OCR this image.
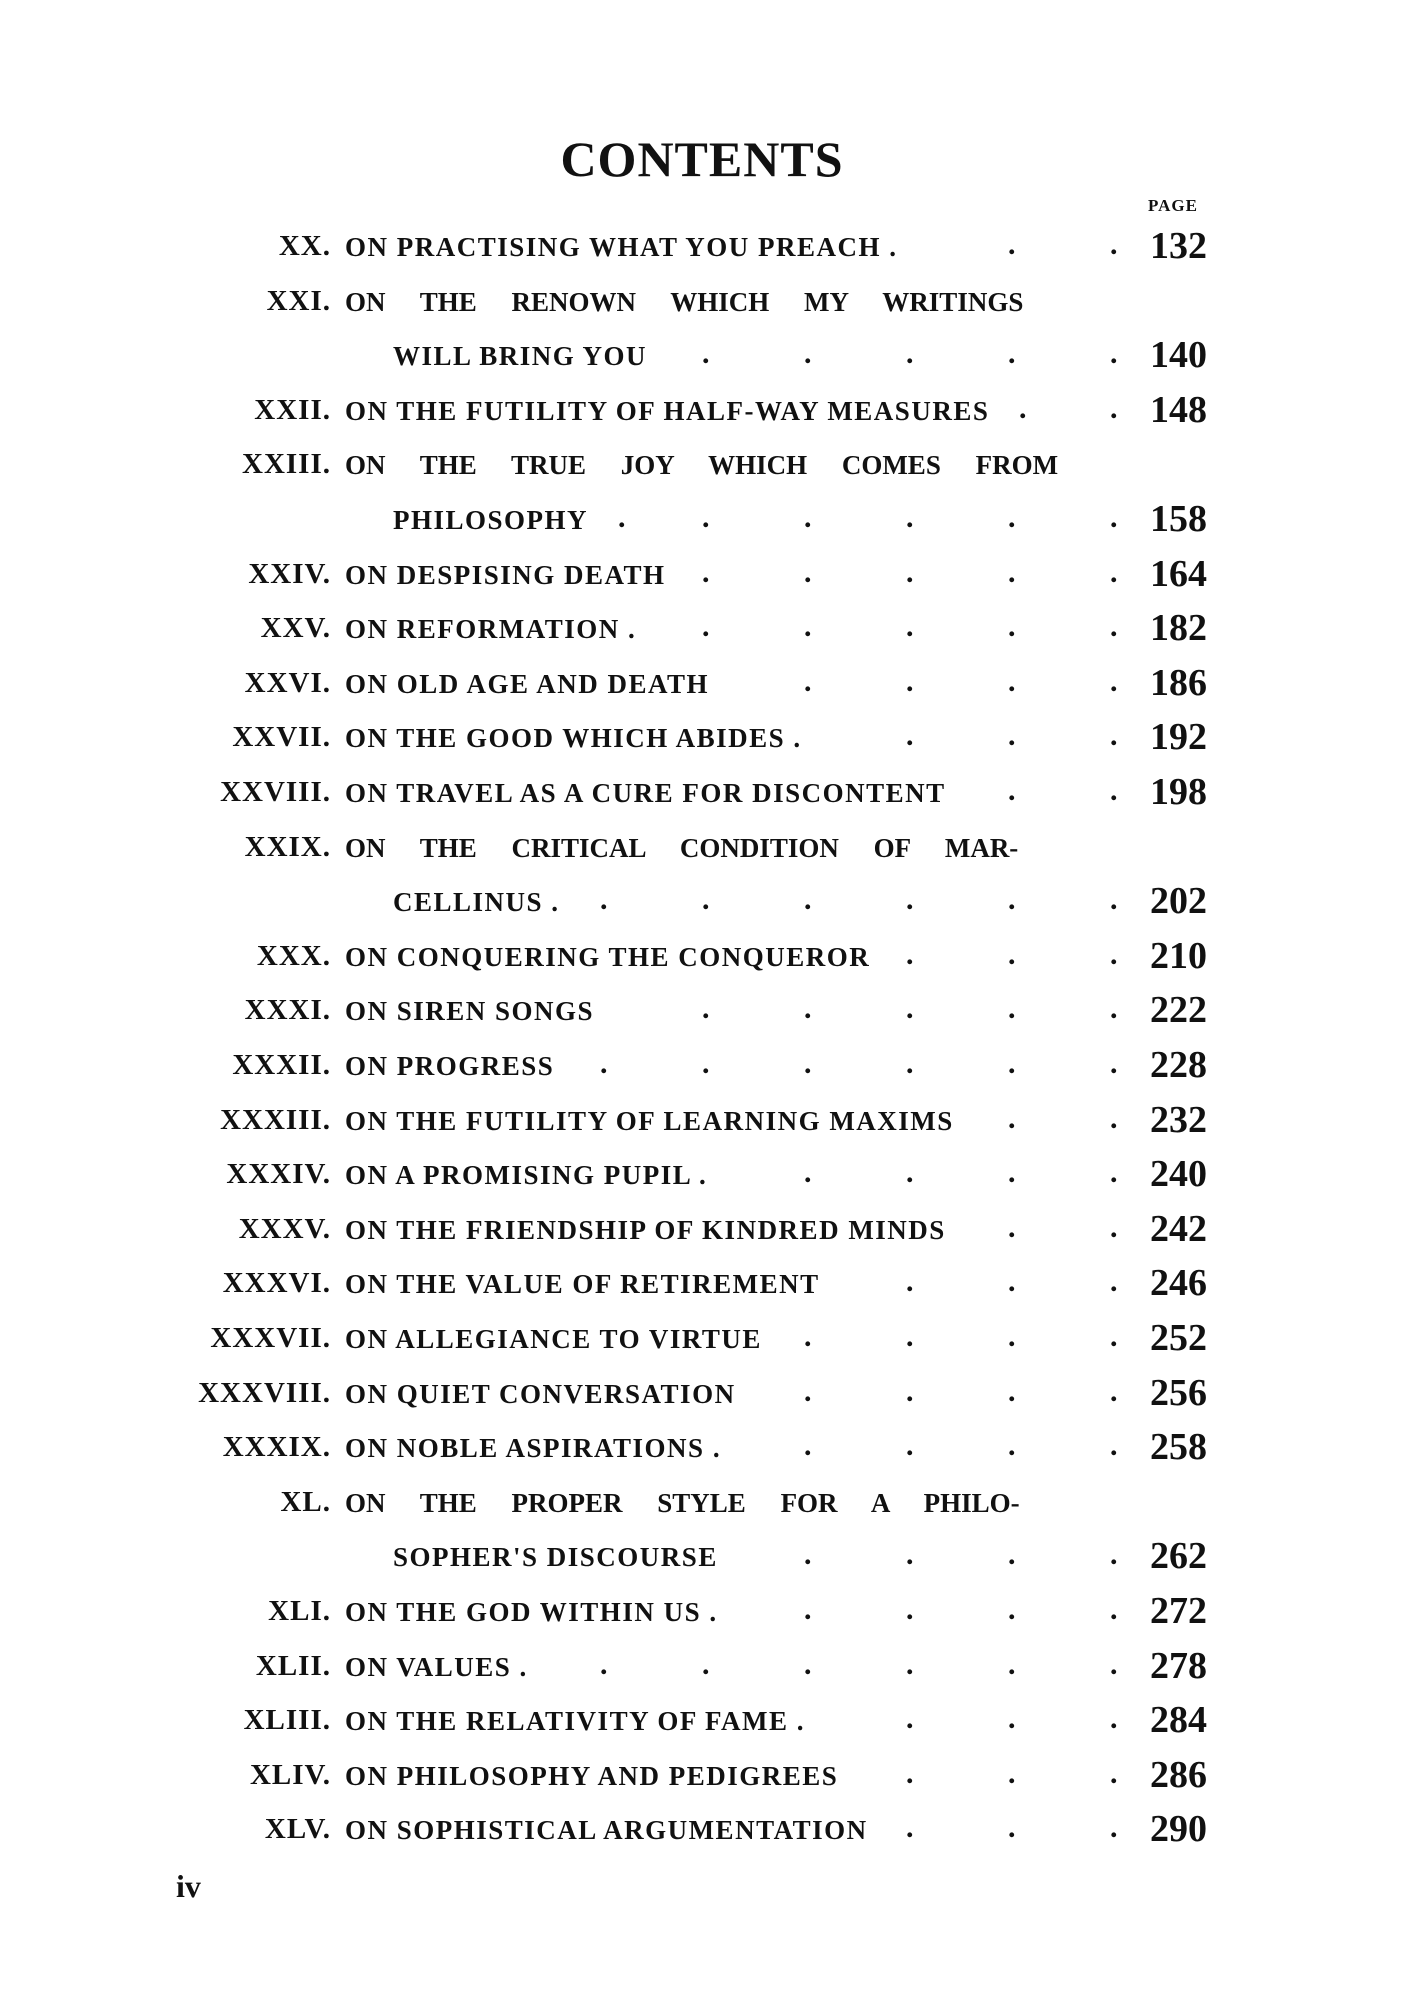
CONTENTS
PAGE
XX. ON PRACTISING WHAT YOU PREACH .	.	. 132
XXI. ON THE RENOWN WHICH MY WRITINGS
WILL BRING YOU .	.	.	.	. 140
XXII. ON THE FUTILITY OF HALF-WAY MEASURES .	. 148
XXIII. ON THE TRUE JOY WHICH COMES FROM
PHILOSOPHY .	.	.	.	.	. 158
XXIV. ON DESPISING DEATH .	.	.	.	. 164
XXV. ON REFORMATION . .	.	.	.	. 182
XXVI. ON OLD AGE AND DEATH	.	.	.	. 186
XXVII. ON THE GOOD WHICH ABIDES .	.	.	. 192
XXVIII. ON TRAVEL AS A CURE FOR DISCONTENT .	. 198
XXIX. ON THE CRITICAL CONDITION OF MAR-
CELLINUS . .	.	.	.	.	. 202
XXX. ON CONQUERING THE CONQUEROR .	.	. 210
XXXI. ON SIREN SONGS	.	.	.	.	. 222
XXXII. ON PROGRESS .	.	.	.	.	. 228
XXXIII. ON THE FUTILITY OF LEARNING MAXIMS .	. 232
XXXIV. ON A PROMISING PUPIL .	.	.	.	. 240
XXXV. ON THE FRIENDSHIP OF KINDRED MINDS .	. 242
XXXVI. ON THE VALUE OF RETIREMENT	.	.	. 246
XXXVII. ON ALLEGIANCE TO VIRTUE .	.	.	. 252
XXXVIII. ON QUIET CONVERSATION .	.	.	. 256
XXXIX. ON NOBLE ASPIRATIONS .	.	.	.	. 258
XL. ON THE PROPER STYLE FOR A PHILO-
SOPHER'S DISCOURSE	.	.	.	. 262
XLI. ON THE GOD WITHIN US .	.	.	.	. 272
XLII. ON VALUES . .	.	.	.	.	. 278
XLIII. ON THE RELATIVITY OF FAME .	.	.	. 284
XLIV. ON PHILOSOPHY AND PEDIGREES .	.	. 286
XLV. ON SOPHISTICAL ARGUMENTATION .	.	. 290
iv
